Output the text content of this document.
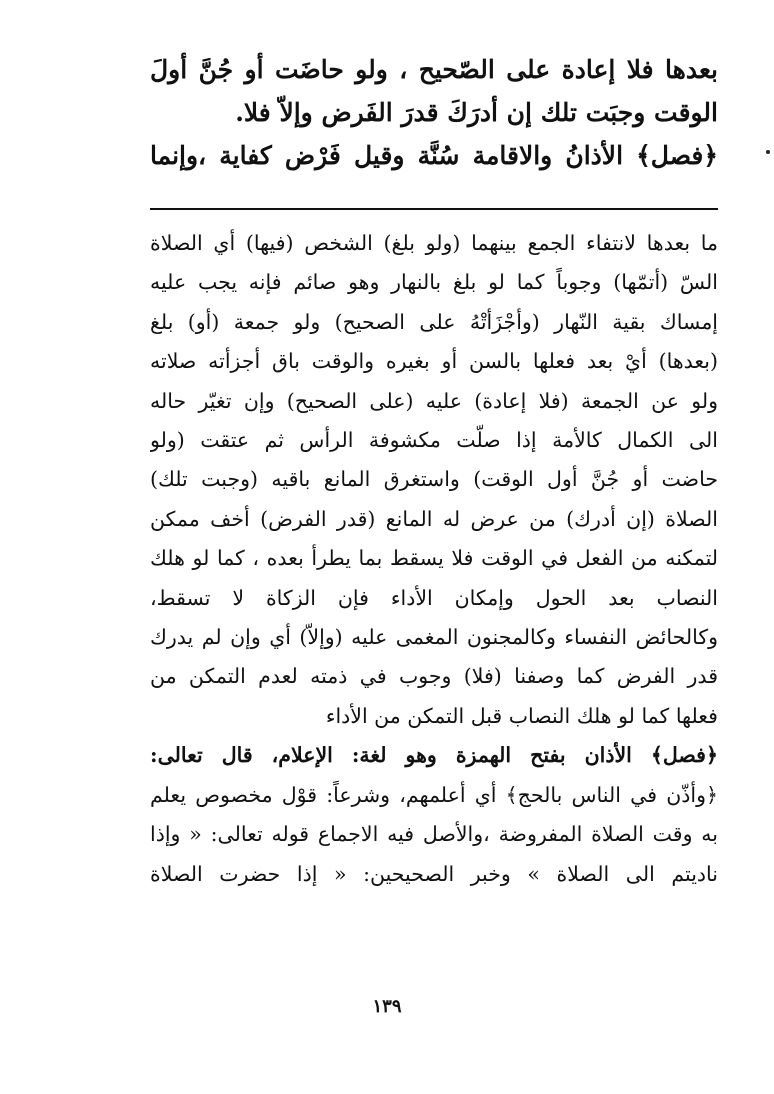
بعدها فلا إعادة على الصّحيح ، ولو حاضَت أو جُنَّ أولَ
الوقت وجبَت تلك إن أدرَكَ قدرَ الفَرض وإلاّ فلا.
﴿فصل﴾ الأذانُ والاقامة سُنَّة وقيل فَرْض كفاية ،وإنما
ما بعدها لانتفاء الجمع بينهما (ولو بلغ) الشخص (فيها) أي الصلاة
السّ (أتمّها) وجوباً كما لو بلغ بالنهار وهو صائم فإنه يجب عليه
إمساك بقية النّهار (وأجْزَأتْهُ على الصحيح) ولو جمعة (أو) بلغ
(بعدها) أيْ بعد فعلها بالسن أو بغيره والوقت باق أجزأته صلاته
ولو عن الجمعة (فلا إعادة) عليه (على الصحيح) وإن تغيّر حاله
الى الكمال كالأمة إذا صلّت مكشوفة الرأس ثم عتقت (ولو
حاضت أو جُنَّ أول الوقت) واستغرق المانع باقيه (وجبت تلك)
الصلاة (إن أدرك) من عرض له المانع (قدر الفرض) أخف ممكن
لتمكنه من الفعل في الوقت فلا يسقط بما يطرأ بعده ، كما لو هلك
النصاب بعد الحول وإمكان الأداء فإن الزكاة لا تسقط،
وكالحائض النفساء وكالمجنون المغمى عليه (وإلاّ) أي وإن لم يدرك
قدر الفرض كما وصفنا (فلا) وجوب في ذمته لعدم التمكن من
فعلها كما لو هلك النصاب قبل التمكن من الأداء
﴿فصل﴾ الأذان بفتح الهمزة وهو لغة: الإعلام، قال تعالى:
﴿وأذّن في الناس بالحج﴾ أي أعلمهم، وشرعاً: قوْل مخصوص يعلم
به وقت الصلاة المفروضة ،والأصل فيه الاجماع قوله تعالى: « وإذا
ناديتم الى الصلاة » وخبر الصحيحين: « إذا حضرت الصلاة
١٣٩
